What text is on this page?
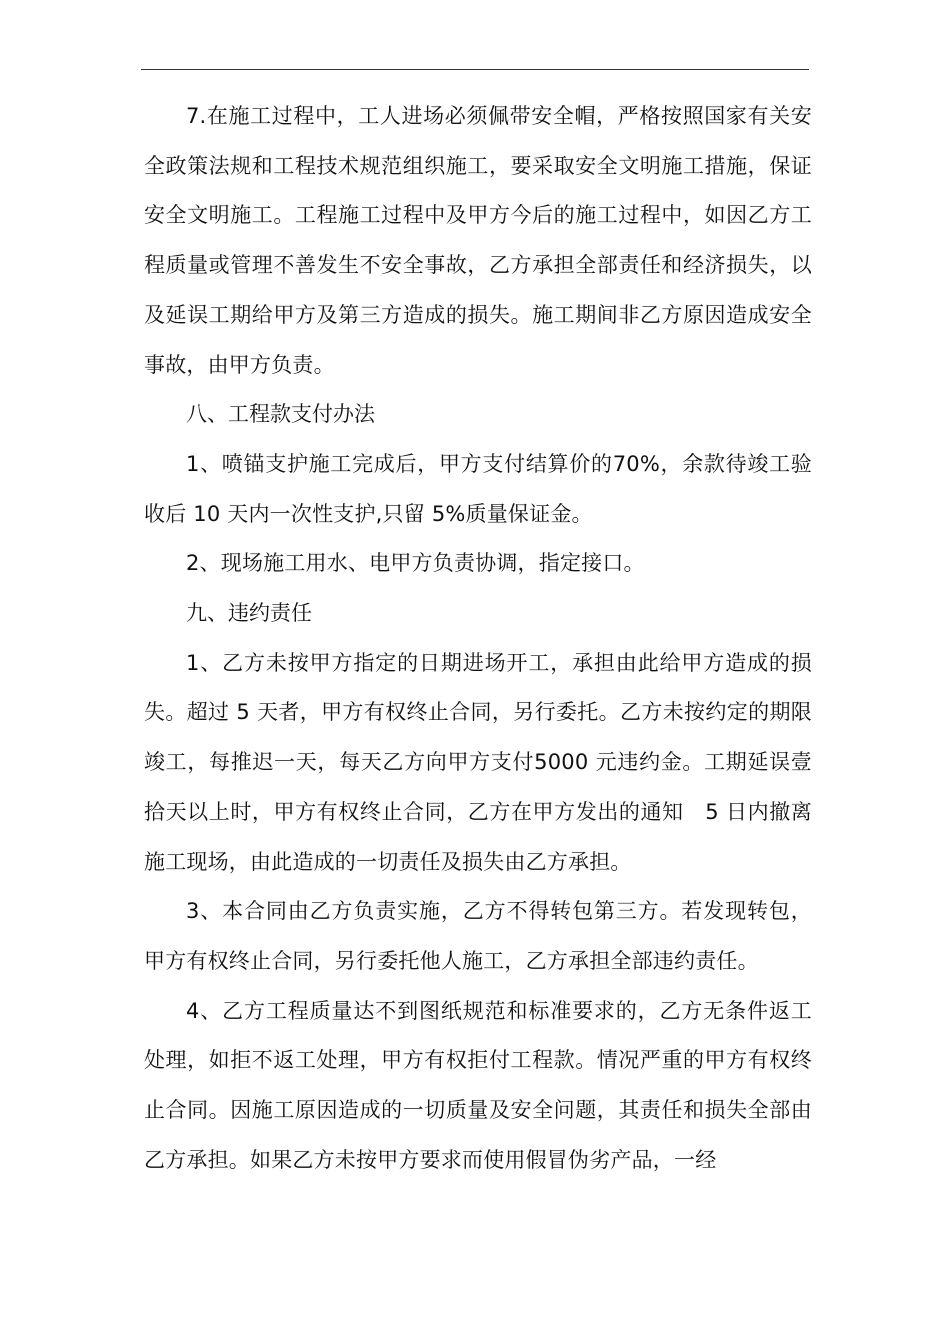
7.在施工过程中，工人进场必须佩带安全帽，严格按照国家有关安全政策法规和工程技术规范组织施工，要采取安全文明施工措施，保证安全文明施工。工程施工过程中及甲方今后的施工过程中，如因乙方工程质量或管理不善发生不安全事故，乙方承担全部责任和经济损失，以及延误工期给甲方及第三方造成的损失。施工期间非乙方原因造成安全事故，由甲方负责。

八、工程款支付办法

1、喷锚支护施工完成后，甲方支付结算价的70%，余款待竣工验收后 10 天内一次性支护,只留 5%质量保证金。

2、现场施工用水、电甲方负责协调，指定接口。

九、违约责任

1、乙方未按甲方指定的日期进场开工，承担由此给甲方造成的损失。超过 5 天者，甲方有权终止合同，另行委托。乙方未按约定的期限竣工，每推迟一天，每天乙方向甲方支付5000 元违约金。工期延误壹拾天以上时，甲方有权终止合同，乙方在甲方发出的通知　5 日内撤离施工现场，由此造成的一切责任及损失由乙方承担。

3、本合同由乙方负责实施，乙方不得转包第三方。若发现转包，甲方有权终止合同，另行委托他人施工，乙方承担全部违约责任。

4、乙方工程质量达不到图纸规范和标准要求的，乙方无条件返工处理，如拒不返工处理，甲方有权拒付工程款。情况严重的甲方有权终止合同。因施工原因造成的一切质量及安全问题，其责任和损失全部由乙方承担。如果乙方未按甲方要求而使用假冒伪劣产品，一经
